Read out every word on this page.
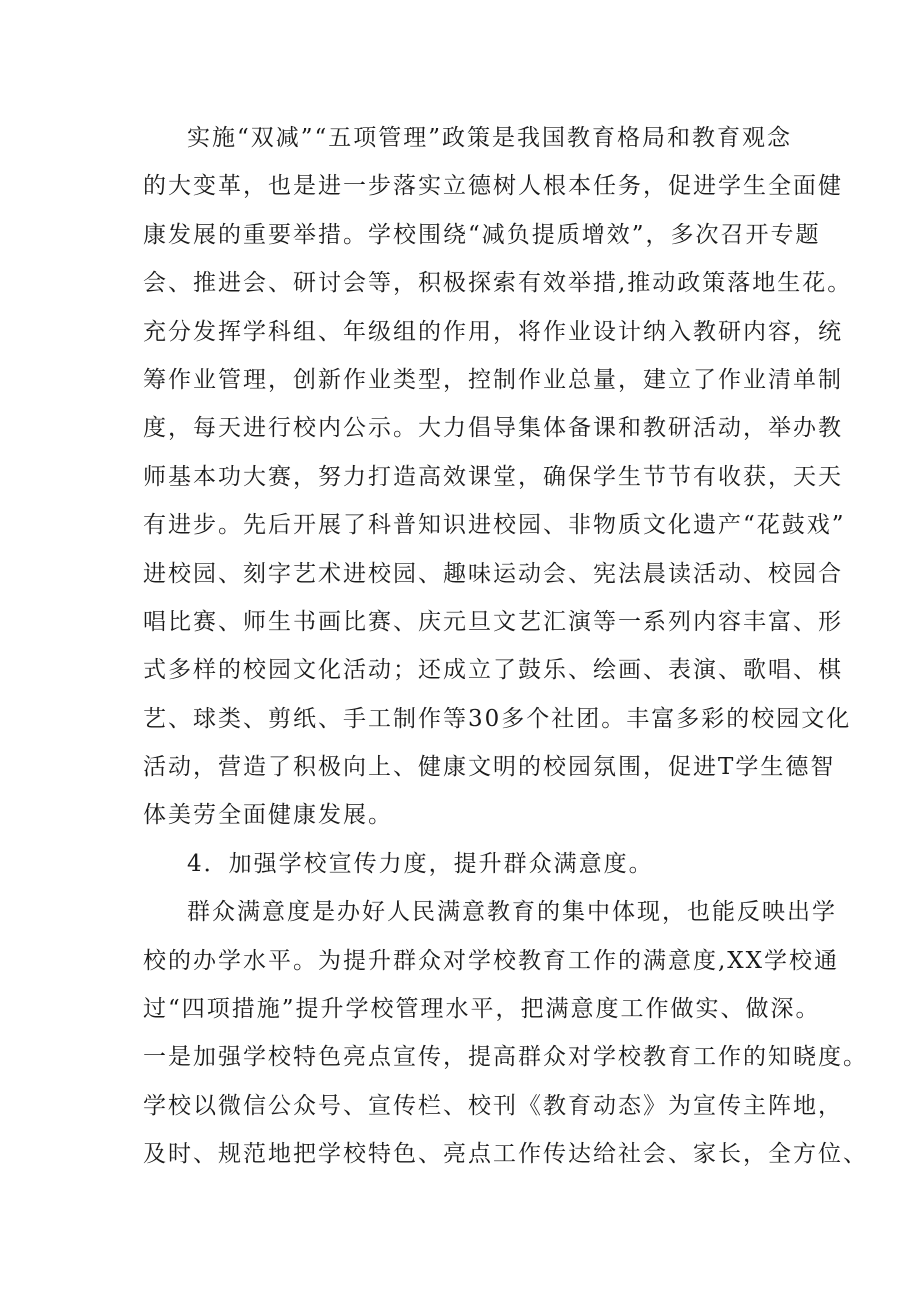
实施“双减”“五项管理”政策是我国教育格局和教育观念
的大变革，也是进一步落实立德树人根本任务，促进学生全面健
康发展的重要举措。学校围绕“减负提质增效”，多次召开专题
会、推进会、研讨会等，积极探索有效举措,推动政策落地生花。
充分发挥学科组、年级组的作用，将作业设计纳入教研内容，统
筹作业管理，创新作业类型，控制作业总量，建立了作业清单制
度，每天进行校内公示。大力倡导集体备课和教研活动，举办教
师基本功大赛，努力打造高效课堂，确保学生节节有收获，天天
有进步。先后开展了科普知识进校园、非物质文化遗产“花鼓戏”
进校园、刻字艺术进校园、趣味运动会、宪法晨读活动、校园合
唱比赛、师生书画比赛、庆元旦文艺汇演等一系列内容丰富、形
式多样的校园文化活动；还成立了鼓乐、绘画、表演、歌唱、棋
艺、球类、剪纸、手工制作等30多个社团。丰富多彩的校园文化
活动，营造了积极向上、健康文明的校园氛围，促进T学生德智
体美劳全面健康发展。
4．加强学校宣传力度，提升群众满意度。
群众满意度是办好人民满意教育的集中体现，也能反映出学
校的办学水平。为提升群众对学校教育工作的满意度,XX学校通
过“四项措施”提升学校管理水平，把满意度工作做实、做深。
一是加强学校特色亮点宣传，提高群众对学校教育工作的知晓度。
学校以微信公众号、宣传栏、校刊《教育动态》为宣传主阵地，
及时、规范地把学校特色、亮点工作传达给社会、家长，全方位、
